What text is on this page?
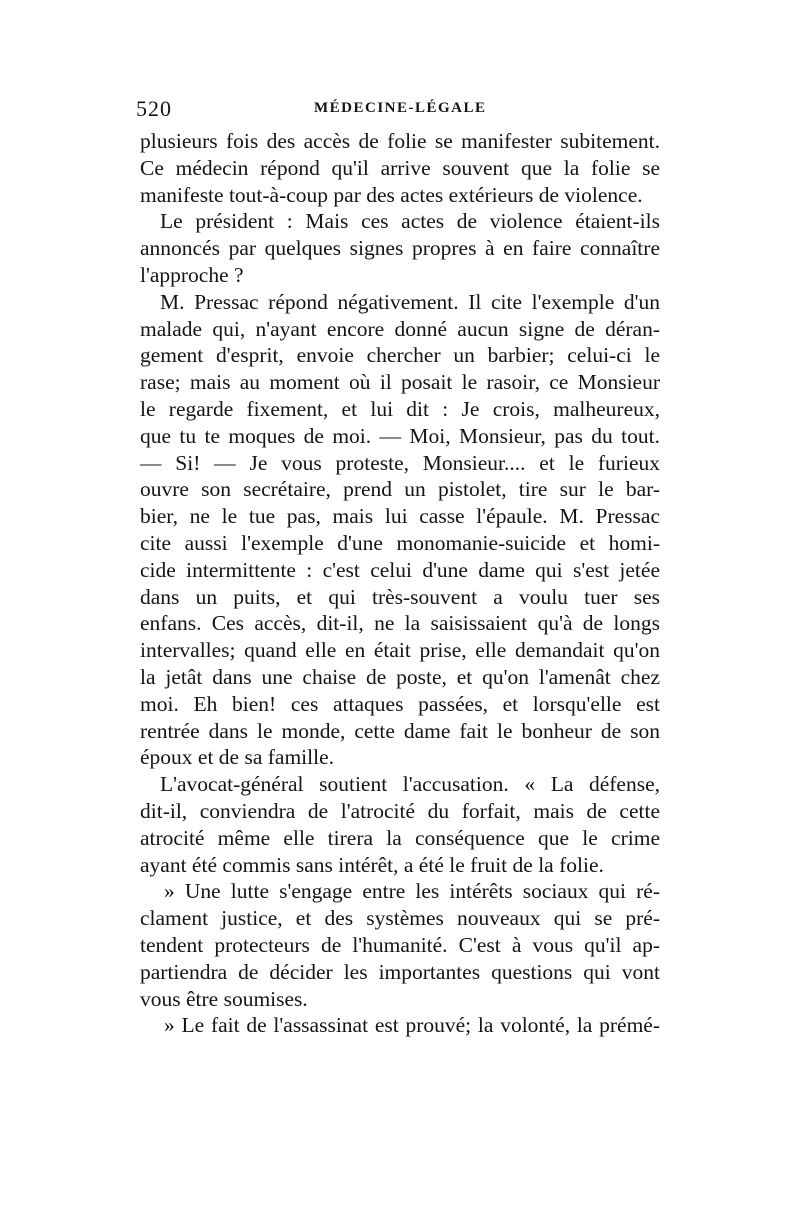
520	MÉDECINE-LÉGALE
plusieurs fois des accès de folie se manifester subitement.
Ce médecin répond qu'il arrive souvent que la folie se
manifeste tout-à-coup par des actes extérieurs de violence.
Le président : Mais ces actes de violence étaient-ils
annoncés par quelques signes propres à en faire connaître
l'approche ?
M. Pressac répond négativement. Il cite l'exemple d'un
malade qui, n'ayant encore donné aucun signe de déran-
gement d'esprit, envoie chercher un barbier; celui-ci le
rase; mais au moment où il posait le rasoir, ce Monsieur
le regarde fixement, et lui dit : Je crois, malheureux,
que tu te moques de moi. — Moi, Monsieur, pas du tout.
— Si! — Je vous proteste, Monsieur.... et le furieux
ouvre son secrétaire, prend un pistolet, tire sur le bar-
bier, ne le tue pas, mais lui casse l'épaule. M. Pressac
cite aussi l'exemple d'une monomanie-suicide et homi-
cide intermittente : c'est celui d'une dame qui s'est jetée
dans un puits, et qui très-souvent a voulu tuer ses
enfans. Ces accès, dit-il, ne la saisissaient qu'à de longs
intervalles; quand elle en était prise, elle demandait qu'on
la jetât dans une chaise de poste, et qu'on l'amenât chez
moi. Eh bien! ces attaques passées, et lorsqu'elle est
rentrée dans le monde, cette dame fait le bonheur de son
époux et de sa famille.
L'avocat-général soutient l'accusation. « La défense,
dit-il, conviendra de l'atrocité du forfait, mais de cette
atrocité même elle tirera la conséquence que le crime
ayant été commis sans intérêt, a été le fruit de la folie.
» Une lutte s'engage entre les intérêts sociaux qui ré-
clament justice, et des systèmes nouveaux qui se pré-
tendent protecteurs de l'humanité. C'est à vous qu'il ap-
partiendra de décider les importantes questions qui vont
vous être soumises.
» Le fait de l'assassinat est prouvé; la volonté, la prémé-
